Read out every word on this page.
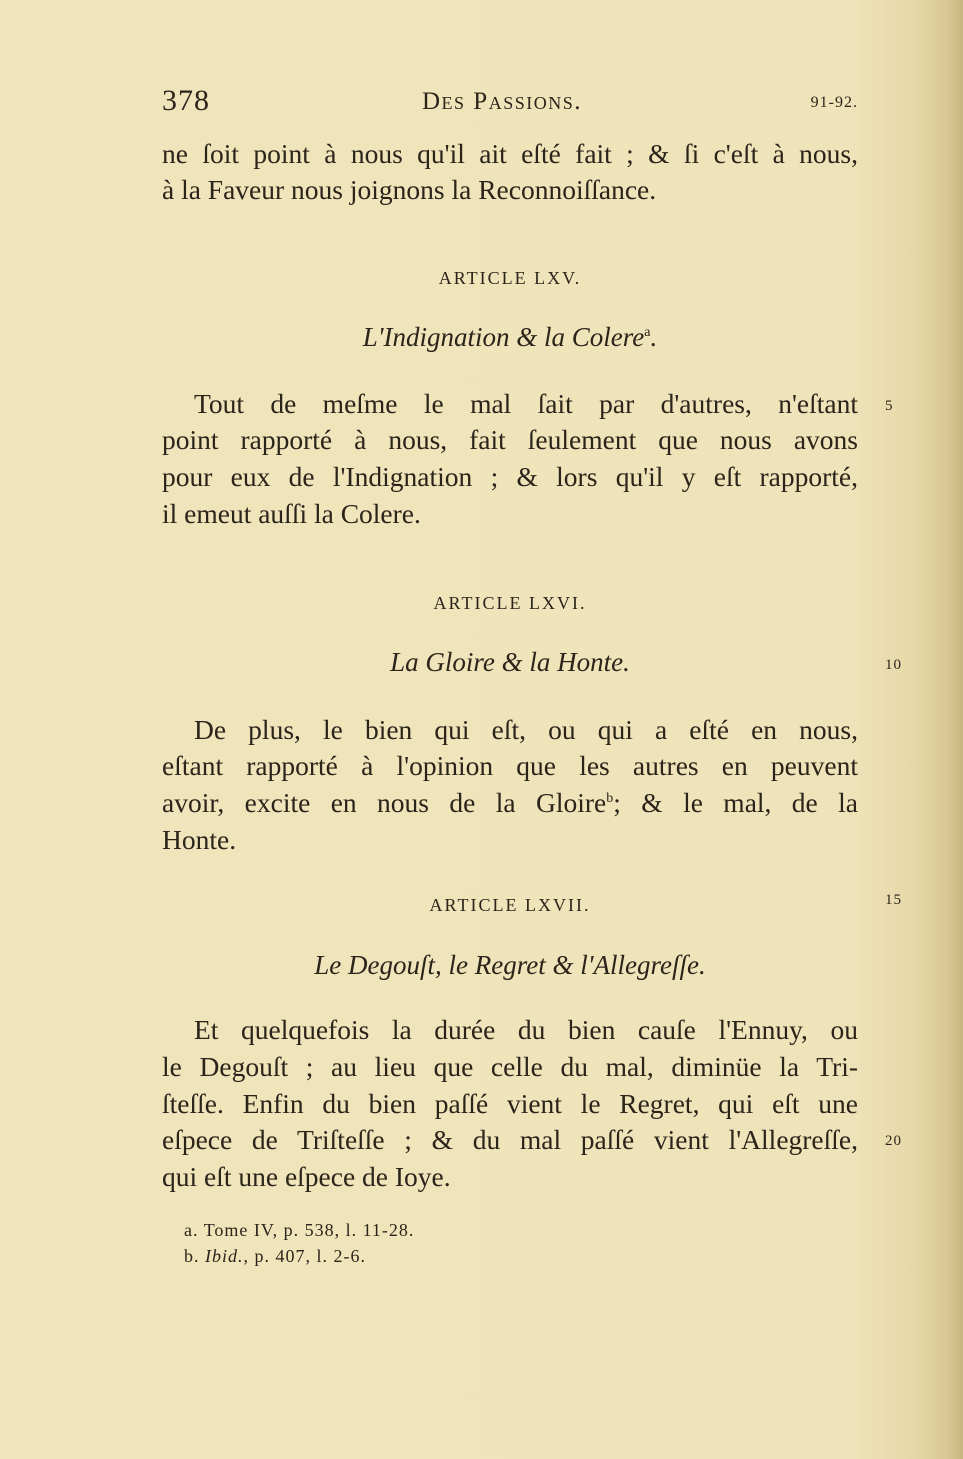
378	Des Passions.	91-92.
ne ſoit point à nous qu'il ait eſté fait ; & ſi c'eſt à nous,
à la Faveur nous joignons la Reconnoiſſance.
ARTICLE LXV.
L'Indignation & la Colere$^a$.
Tout de meſme le mal ſait par d'autres, n'eſtant
point rapporté à nous, fait ſeulement que nous avons
pour eux de l'Indignation ; & lors qu'il y eſt rapporté,
il emeut auſſi la Colere.
ARTICLE LXVI.
La Gloire & la Honte.
De plus, le bien qui eſt, ou qui a eſté en nous,
eſtant rapporté à l'opinion que les autres en peuvent
avoir, excite en nous de la Gloire$^b$; & le mal, de la
Honte.
ARTICLE LXVII.
Le Degouſt, le Regret & l'Allegreſſe.
Et quelquefois la durée du bien cauſe l'Ennuy, ou
le Degouſt ; au lieu que celle du mal, diminüe la Tri-
ſteſſe. Enfin du bien paſſé vient le Regret, qui eſt une
eſpece de Triſteſſe ; & du mal paſſé vient l'Allegreſſe,
qui eſt une eſpece de Ioye.
5
10
15
20
a. Tome IV, p. 538, l. 11-28.
b. Ibid., p. 407, l. 2-6.
